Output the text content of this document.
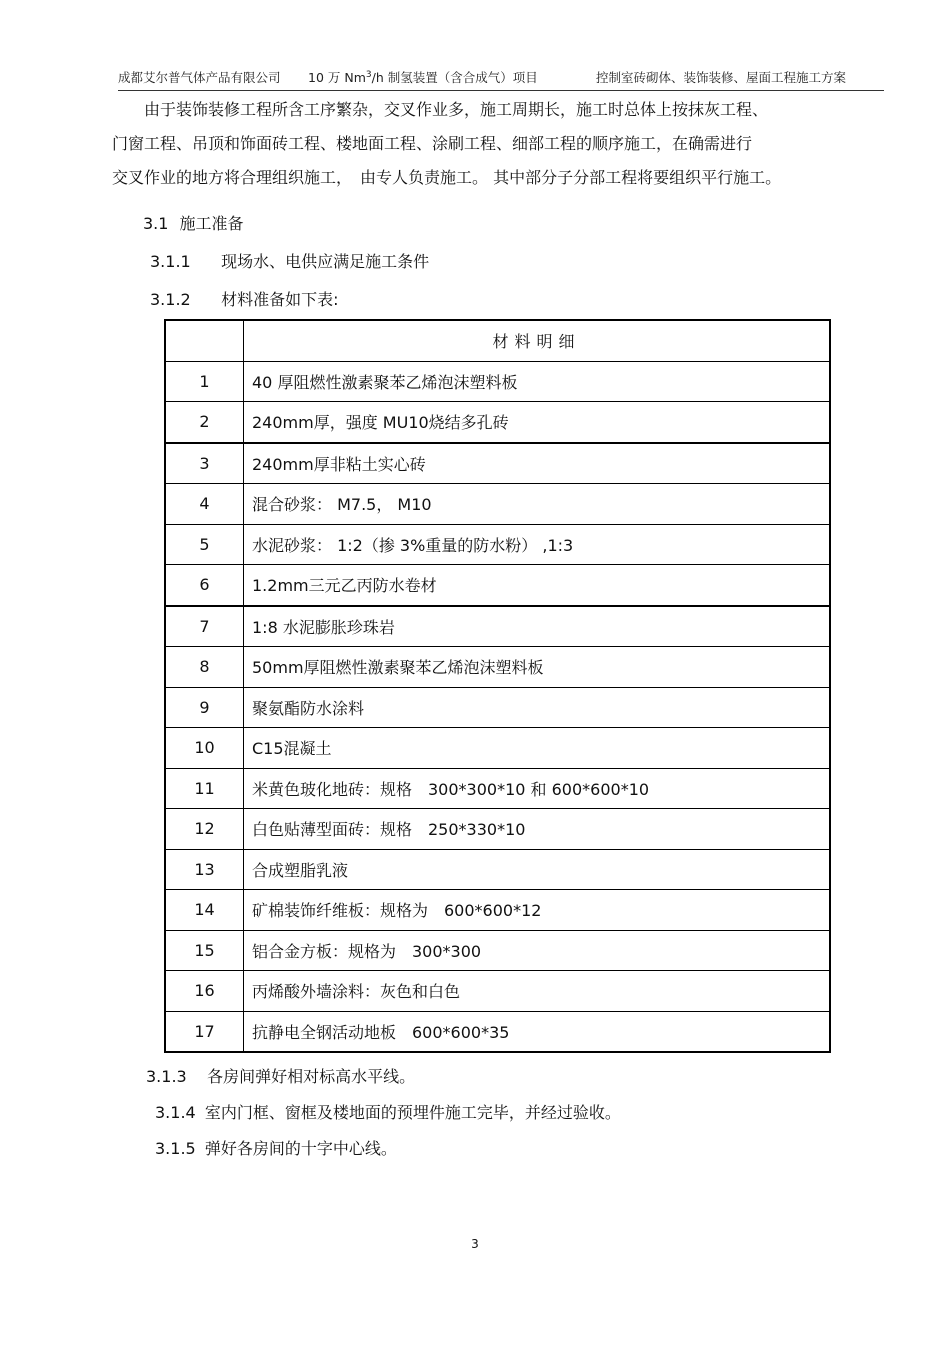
成都艾尔普气体产品有限公司 10 万 Nm$^3$/h 制氢装置（含合成气）项目	控制室砖砌体、装饰装修、屋面工程施工方案

由于装饰装修工程所含工序繁杂，交叉作业多，施工周期长，施工时总体上按抹灰工程、

门窗工程、吊顶和饰面砖工程、楼地面工程、涂刷工程、细部工程的顺序施工，在确需进行

交叉作业的地方将合理组织施工，　由专人负责施工。 其中部分子分部工程将要组织平行施工。

3.1 施工准备
3.1.1 现场水、电供应满足施工条件
3.1.2 材料准备如下表:
	材料明细
1	40 厚阻燃性激素聚苯乙烯泡沫塑料板
2	240mm厚，强度 MU10烧结多孔砖
3	240mm厚非粘土实心砖
4	混合砂浆： M7.5， M10
5	水泥砂浆： 1:2（掺 3%重量的防水粉） ,1:3
6	1.2mm三元乙丙防水卷材
7	1:8 水泥膨胀珍珠岩
8	50mm厚阻燃性激素聚苯乙烯泡沫塑料板
9	聚氨酯防水涂料
10	C15混凝土
11	米黄色玻化地砖：规格　300*300*10 和 600*600*10
12	白色贴薄型面砖：规格　250*330*10
13	合成塑脂乳液
14	矿棉装饰纤维板：规格为　600*600*12
15	铝合金方板：规格为　300*300
16	丙烯酸外墙涂料：灰色和白色
17	抗静电全钢活动地板　600*600*35
3.1.3 各房间弹好相对标高水平线。
3.1.4 室内门框、窗框及楼地面的预埋件施工完毕，并经过验收。
3.1.5 弹好各房间的十字中心线。
3
